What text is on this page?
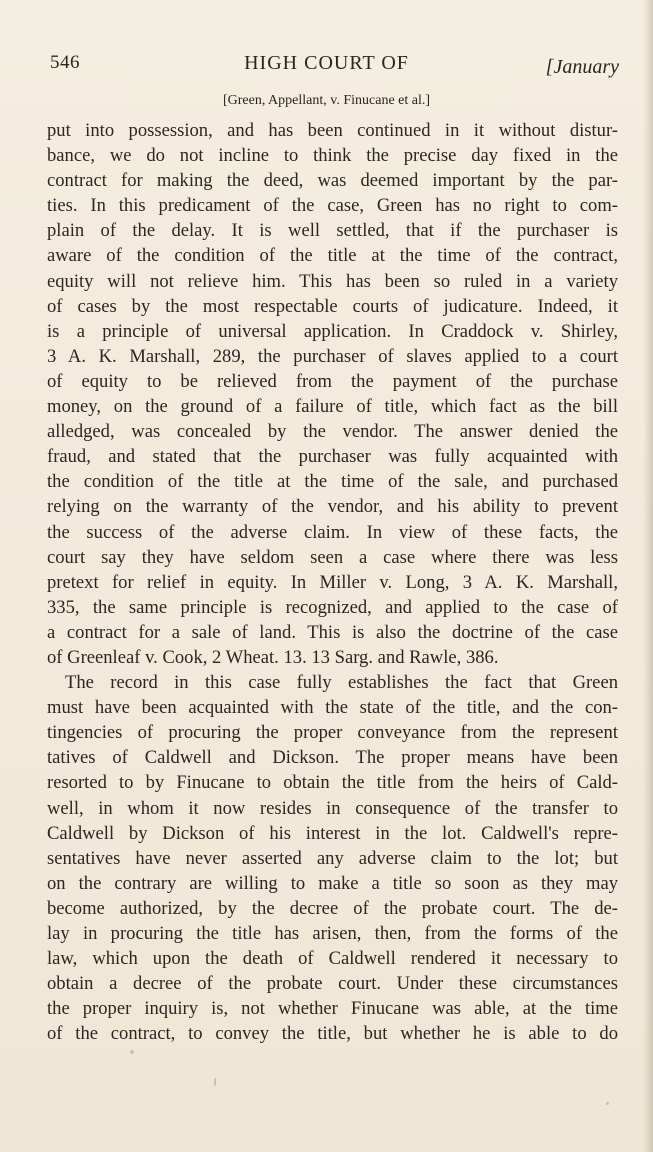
546	HIGH COURT OF	[January
[Green, Appellant, v. Finucane et al.]
put into possession, and has been continued in it without distur-
bance, we do not incline to think the precise day fixed in the
contract for making the deed, was deemed important by the par-
ties. In this predicament of the case, Green has no right to com-
plain of the delay. It is well settled, that if the purchaser is
aware of the condition of the title at the time of the contract,
equity will not relieve him. This has been so ruled in a variety
of cases by the most respectable courts of judicature. Indeed, it
is a principle of universal application. In Craddock v. Shirley,
3 A. K. Marshall, 289, the purchaser of slaves applied to a court
of equity to be relieved from the payment of the purchase
money, on the ground of a failure of title, which fact as the bill
alledged, was concealed by the vendor. The answer denied the
fraud, and stated that the purchaser was fully acquainted with
the condition of the title at the time of the sale, and purchased
relying on the warranty of the vendor, and his ability to prevent
the success of the adverse claim. In view of these facts, the
court say they have seldom seen a case where there was less
pretext for relief in equity. In Miller v. Long, 3 A. K. Marshall,
335, the same principle is recognized, and applied to the case of
a contract for a sale of land. This is also the doctrine of the case
of Greenleaf v. Cook, 2 Wheat. 13. 13 Sarg. and Rawle, 386.
The record in this case fully establishes the fact that Green
must have been acquainted with the state of the title, and the con-
tingencies of procuring the proper conveyance from the represent
tatives of Caldwell and Dickson. The proper means have been
resorted to by Finucane to obtain the title from the heirs of Cald-
well, in whom it now resides in consequence of the transfer to
Caldwell by Dickson of his interest in the lot. Caldwell's repre-
sentatives have never asserted any adverse claim to the lot; but
on the contrary are willing to make a title so soon as they may
become authorized, by the decree of the probate court. The de-
lay in procuring the title has arisen, then, from the forms of the
law, which upon the death of Caldwell rendered it necessary to
obtain a decree of the probate court. Under these circumstances
the proper inquiry is, not whether Finucane was able, at the time
of the contract, to convey the title, but whether he is able to do
